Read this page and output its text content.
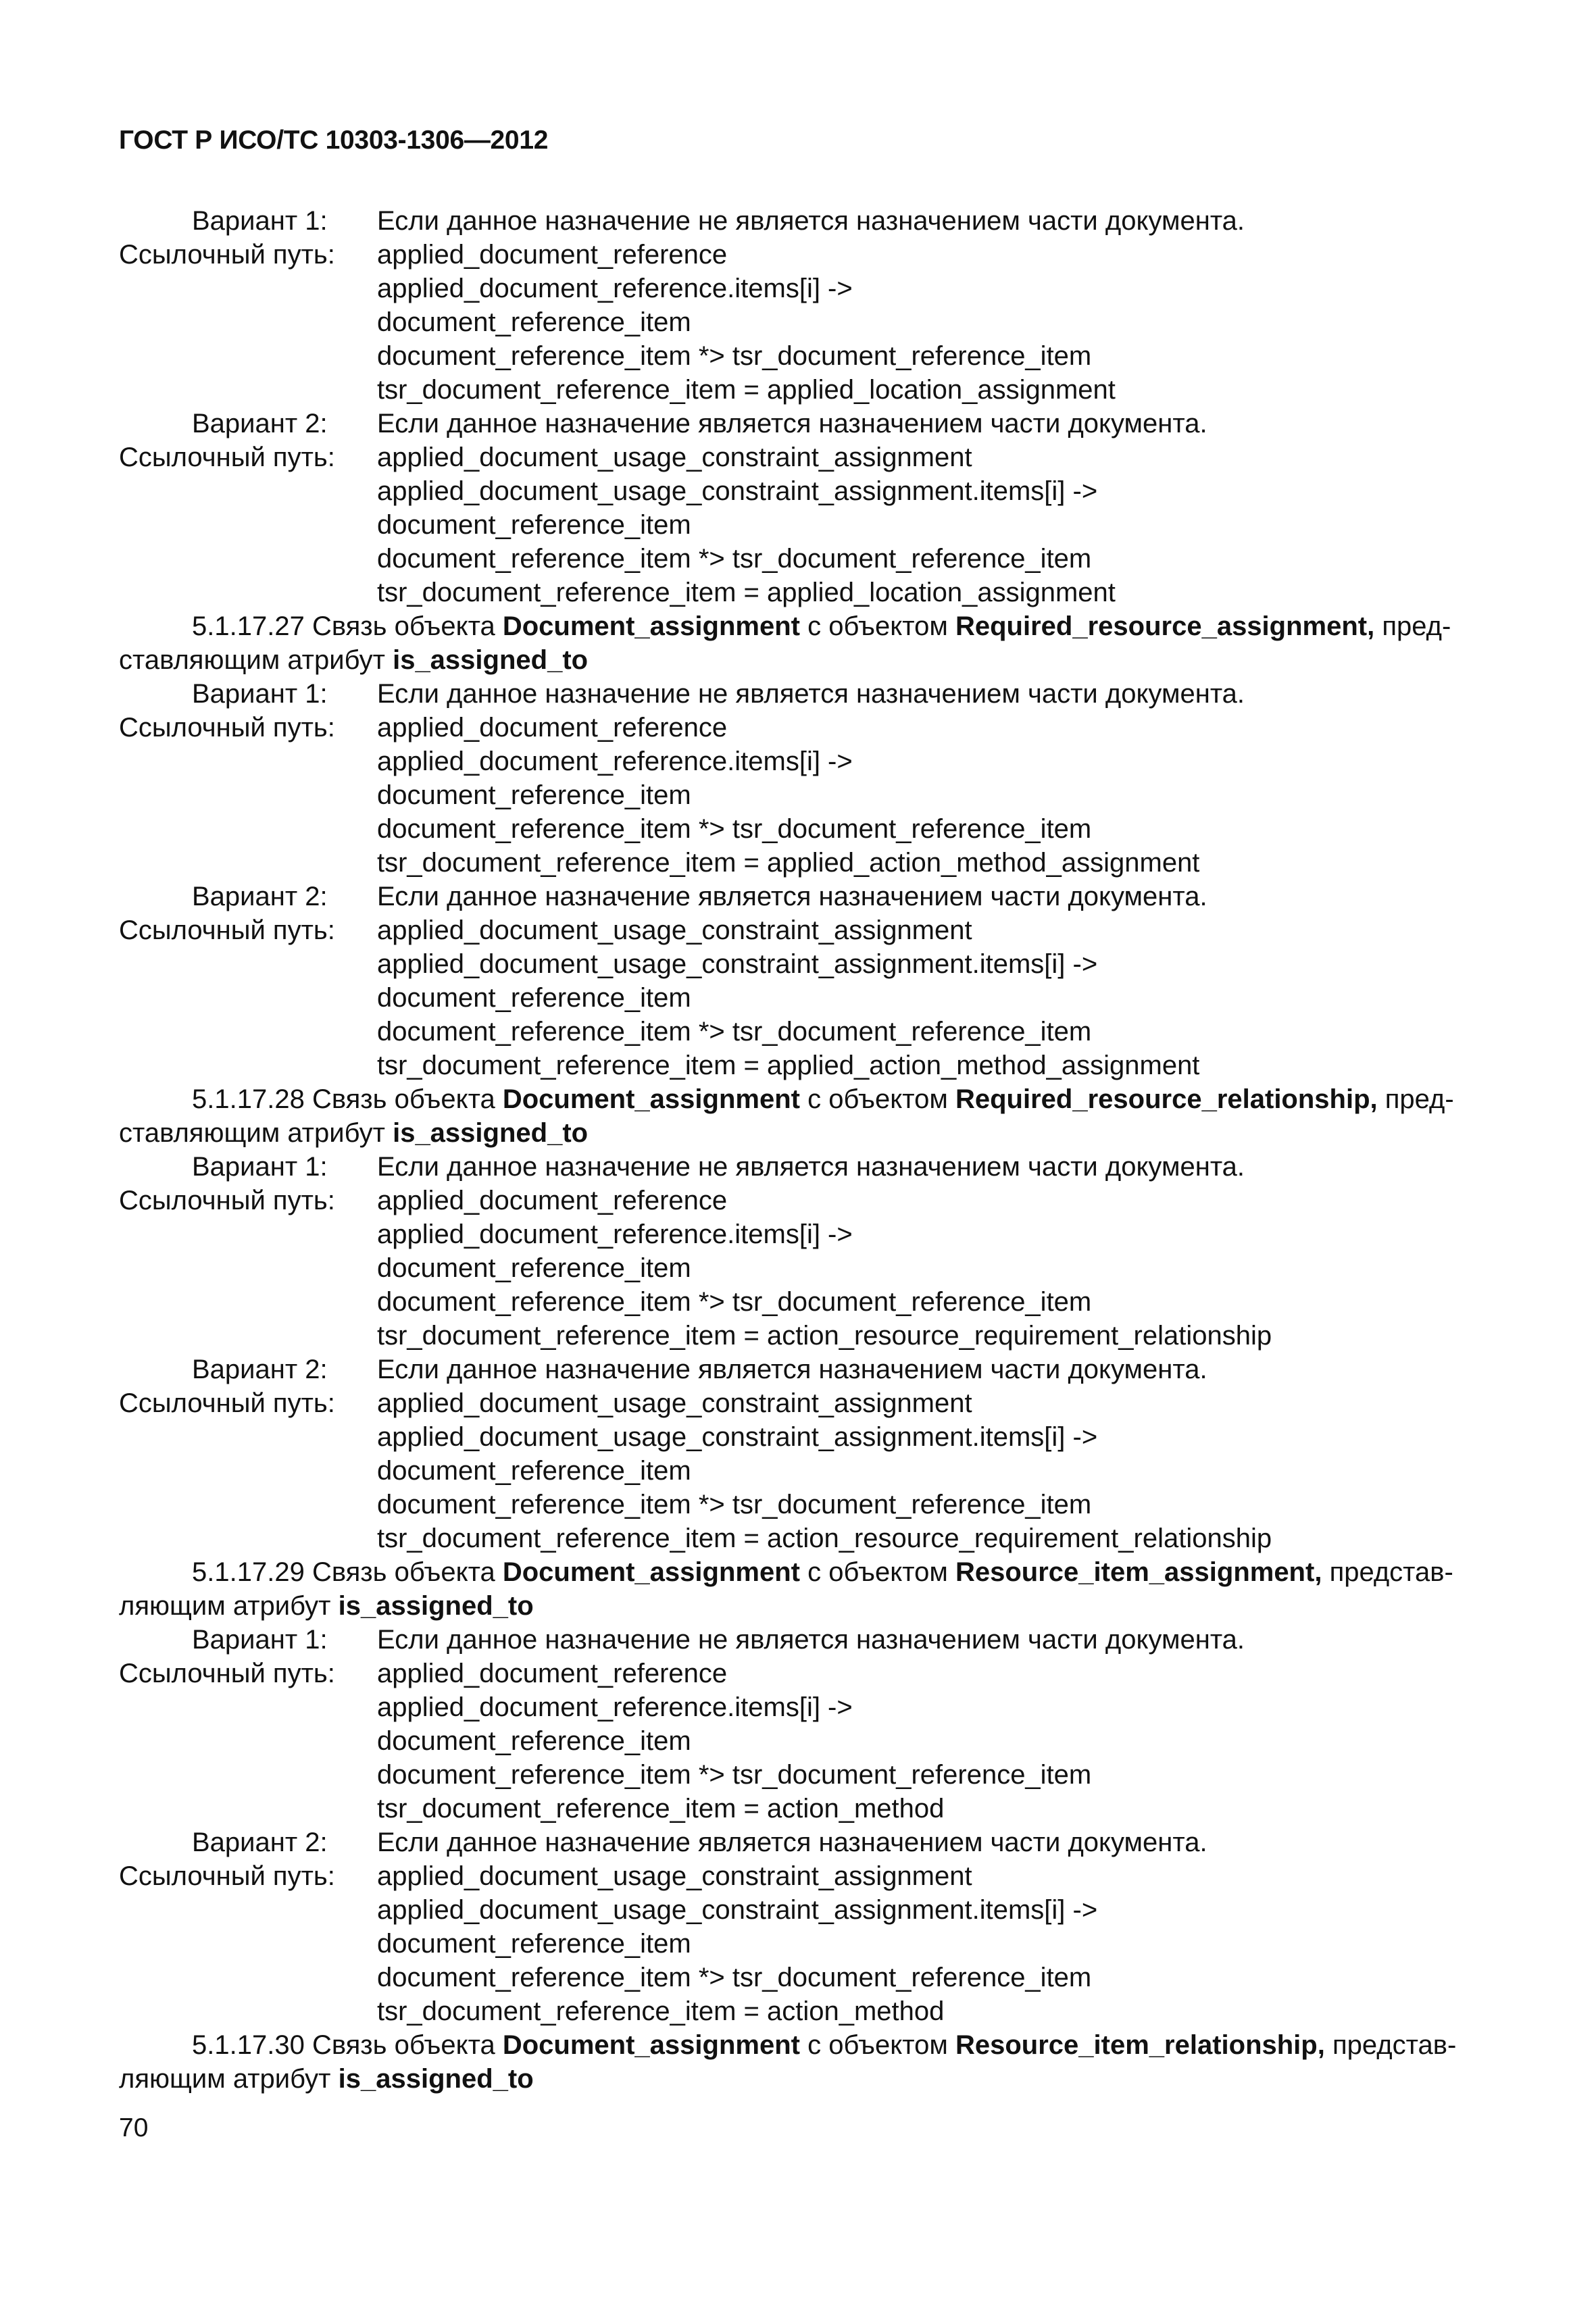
ГОСТ Р ИСО/ТС 10303-1306—2012
Вариант 1:	Если данное назначение не является назначением части документа.
Ссылочный путь:	applied_document_reference
applied_document_reference.items[i] ->
document_reference_item
document_reference_item *> tsr_document_reference_item
tsr_document_reference_item = applied_location_assignment
Вариант 2:	Если данное назначение является назначением части документа.
Ссылочный путь:	applied_document_usage_constraint_assignment
applied_document_usage_constraint_assignment.items[i] ->
document_reference_item
document_reference_item *> tsr_document_reference_item
tsr_document_reference_item = applied_location_assignment
5.1.17.27 Связь объекта Document_assignment с объектом Required_resource_assignment, пред-
ставляющим атрибут is_assigned_to
Вариант 1:	Если данное назначение не является назначением части документа.
Ссылочный путь:	applied_document_reference
applied_document_reference.items[i] ->
document_reference_item
document_reference_item *> tsr_document_reference_item
tsr_document_reference_item = applied_action_method_assignment
Вариант 2:	Если данное назначение является назначением части документа.
Ссылочный путь:	applied_document_usage_constraint_assignment
applied_document_usage_constraint_assignment.items[i] ->
document_reference_item
document_reference_item *> tsr_document_reference_item
tsr_document_reference_item = applied_action_method_assignment
5.1.17.28 Связь объекта Document_assignment с объектом Required_resource_relationship, пред-
ставляющим атрибут is_assigned_to
Вариант 1:	Если данное назначение не является назначением части документа.
Ссылочный путь:	applied_document_reference
applied_document_reference.items[i] ->
document_reference_item
document_reference_item *> tsr_document_reference_item
tsr_document_reference_item = action_resource_requirement_relationship
Вариант 2:	Если данное назначение является назначением части документа.
Ссылочный путь:	applied_document_usage_constraint_assignment
applied_document_usage_constraint_assignment.items[i] ->
document_reference_item
document_reference_item *> tsr_document_reference_item
tsr_document_reference_item = action_resource_requirement_relationship
5.1.17.29 Связь объекта Document_assignment с объектом Resource_item_assignment, представ-
ляющим атрибут is_assigned_to
Вариант 1:	Если данное назначение не является назначением части документа.
Ссылочный путь:	applied_document_reference
applied_document_reference.items[i] ->
document_reference_item
document_reference_item *> tsr_document_reference_item
tsr_document_reference_item = action_method
Вариант 2:	Если данное назначение является назначением части документа.
Ссылочный путь:	applied_document_usage_constraint_assignment
applied_document_usage_constraint_assignment.items[i] ->
document_reference_item
document_reference_item *> tsr_document_reference_item
tsr_document_reference_item = action_method
5.1.17.30 Связь объекта Document_assignment с объектом Resource_item_relationship, представ-
ляющим атрибут is_assigned_to
70
